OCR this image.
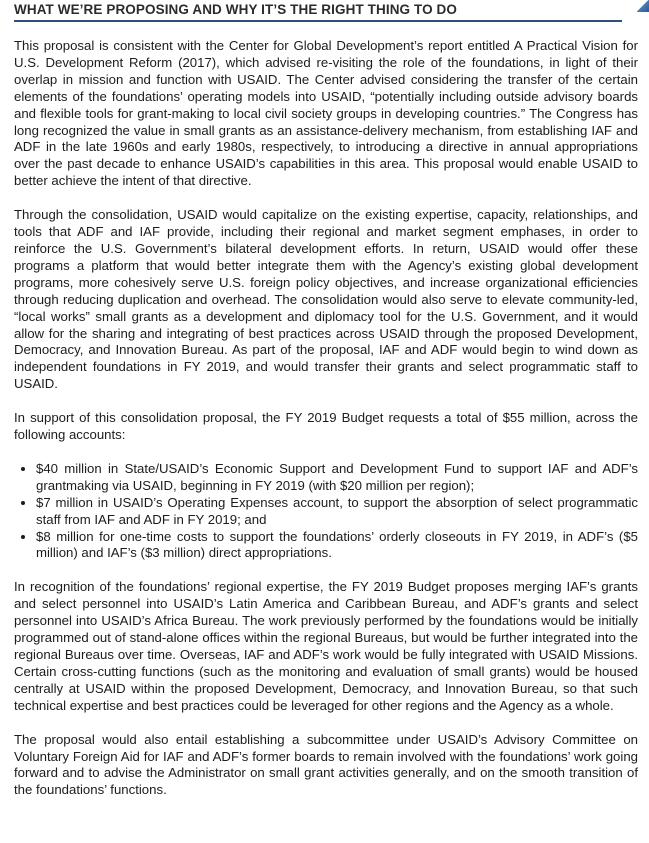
WHAT WE’RE PROPOSING AND WHY IT’S THE RIGHT THING TO DO

This proposal is consistent with the Center for Global Development’s report entitled A Practical Vision for U.S. Development Reform (2017), which advised re-visiting the role of the foundations, in light of their overlap in mission and function with USAID. The Center advised considering the transfer of the certain elements of the foundations’ operating models into USAID, “potentially including outside advisory boards and flexible tools for grant-making to local civil society groups in developing countries.” The Congress has long recognized the value in small grants as an assistance-delivery mechanism, from establishing IAF and ADF in the late 1960s and early 1980s, respectively, to introducing a directive in annual appropriations over the past decade to enhance USAID’s capabilities in this area. This proposal would enable USAID to better achieve the intent of that directive.

Through the consolidation, USAID would capitalize on the existing expertise, capacity, relationships, and tools that ADF and IAF provide, including their regional and market segment emphases, in order to reinforce the U.S. Government’s bilateral development efforts. In return, USAID would offer these programs a platform that would better integrate them with the Agency’s existing global development programs, more cohesively serve U.S. foreign policy objectives, and increase organizational efficiencies through reducing duplication and overhead. The consolidation would also serve to elevate community-led, “local works” small grants as a development and diplomacy tool for the U.S. Government, and it would allow for the sharing and integrating of best practices across USAID through the proposed Development, Democracy, and Innovation Bureau. As part of the proposal, IAF and ADF would begin to wind down as independent foundations in FY 2019, and would transfer their grants and select programmatic staff to USAID.

In support of this consolidation proposal, the FY 2019 Budget requests a total of $55 million, across the following accounts:

• $40 million in State/USAID’s Economic Support and Development Fund to support IAF and ADF’s grantmaking via USAID, beginning in FY 2019 (with $20 million per region);
• $7 million in USAID’s Operating Expenses account, to support the absorption of select programmatic staff from IAF and ADF in FY 2019; and
• $8 million for one-time costs to support the foundations’ orderly closeouts in FY 2019, in ADF’s ($5 million) and IAF’s ($3 million) direct appropriations.

In recognition of the foundations’ regional expertise, the FY 2019 Budget proposes merging IAF’s grants and select personnel into USAID’s Latin America and Caribbean Bureau, and ADF’s grants and select personnel into USAID’s Africa Bureau. The work previously performed by the foundations would be initially programmed out of stand-alone offices within the regional Bureaus, but would be further integrated into the regional Bureaus over time. Overseas, IAF and ADF’s work would be fully integrated with USAID Missions. Certain cross-cutting functions (such as the monitoring and evaluation of small grants) would be housed centrally at USAID within the proposed Development, Democracy, and Innovation Bureau, so that such technical expertise and best practices could be leveraged for other regions and the Agency as a whole.

The proposal would also entail establishing a subcommittee under USAID’s Advisory Committee on Voluntary Foreign Aid for IAF and ADF’s former boards to remain involved with the foundations’ work going forward and to advise the Administrator on small grant activities generally, and on the smooth transition of the foundations’ functions.
